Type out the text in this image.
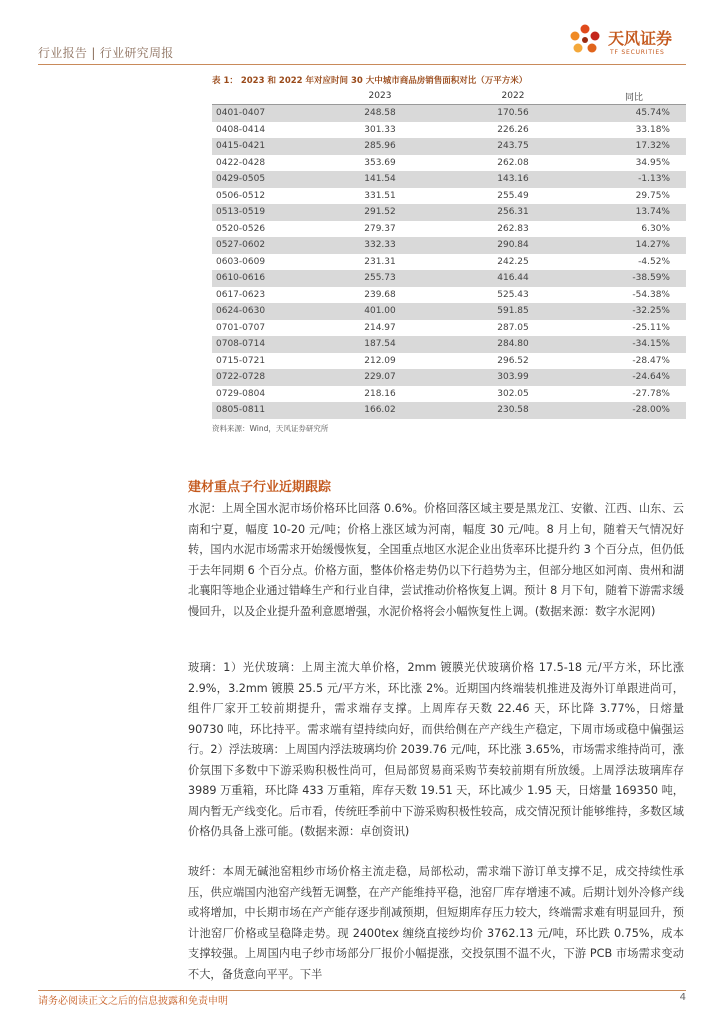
行业报告 | 行业研究周报
天风证券
TF SECURITIES
表 1： 2023 和 2022 年对应时间 30 大中城市商品房销售面积对比（万平方米）
	2023	2022	同比
0401-0407	248.58	170.56	45.74%
0408-0414	301.33	226.26	33.18%
0415-0421	285.96	243.75	17.32%
0422-0428	353.69	262.08	34.95%
0429-0505	141.54	143.16	-1.13%
0506-0512	331.51	255.49	29.75%
0513-0519	291.52	256.31	13.74%
0520-0526	279.37	262.83	6.30%
0527-0602	332.33	290.84	14.27%
0603-0609	231.31	242.25	-4.52%
0610-0616	255.73	416.44	-38.59%
0617-0623	239.68	525.43	-54.38%
0624-0630	401.00	591.85	-32.25%
0701-0707	214.97	287.05	-25.11%
0708-0714	187.54	284.80	-34.15%
0715-0721	212.09	296.52	-28.47%
0722-0728	229.07	303.99	-24.64%
0729-0804	218.16	302.05	-27.78%
0805-0811	166.02	230.58	-28.00%
资料来源：Wind，天风证券研究所
建材重点子行业近期跟踪
水泥：上周全国水泥市场价格环比回落 0.6%。价格回落区域主要是黑龙江、安徽、江西、山东、云南和宁夏，幅度 10-20 元/吨；价格上涨区域为河南，幅度 30 元/吨。8 月上旬，随着天气情况好转，国内水泥市场需求开始缓慢恢复，全国重点地区水泥企业出货率环比提升约 3 个百分点，但仍低于去年同期 6 个百分点。价格方面，整体价格走势仍以下行趋势为主，但部分地区如河南、贵州和湖北襄阳等地企业通过错峰生产和行业自律，尝试推动价格恢复上调。预计 8 月下旬，随着下游需求缓慢回升，以及企业提升盈利意愿增强，水泥价格将会小幅恢复性上调。(数据来源：数字水泥网)
玻璃：1）光伏玻璃：上周主流大单价格，2mm 镀膜光伏玻璃价格 17.5-18 元/平方米，环比涨 2.9%，3.2mm 镀膜 25.5 元/平方米，环比涨 2%。近期国内终端装机推进及海外订单跟进尚可，组件厂家开工较前期提升，需求端存支撑。上周库存天数 22.46 天，环比降 3.77%，日熔量 90730 吨，环比持平。需求端有望持续向好，而供给侧在产产线生产稳定，下周市场或稳中偏强运行。2）浮法玻璃：上周国内浮法玻璃均价 2039.76 元/吨，环比涨 3.65%，市场需求维持尚可，涨价氛围下多数中下游采购积极性尚可，但局部贸易商采购节奏较前期有所放缓。上周浮法玻璃库存 3989 万重箱，环比降 433 万重箱，库存天数 19.51 天，环比减少 1.95 天，日熔量 169350 吨，周内暂无产线变化。后市看，传统旺季前中下游采购积极性较高，成交情况预计能够维持，多数区域价格仍具备上涨可能。(数据来源：卓创资讯)
玻纤：本周无碱池窑粗纱市场价格主流走稳，局部松动，需求端下游订单支撑不足，成交持续性承压，供应端国内池窑产线暂无调整，在产产能维持平稳，池窑厂库存增速不减。后期计划外冷修产线或将增加，中长期市场在产产能存逐步削减预期，但短期库存压力较大，终端需求难有明显回升，预计池窑厂价格或呈稳降走势。现 2400tex 缠绕直接纱均价 3762.13 元/吨，环比跌 0.75%，成本支撑较强。上周国内电子纱市场部分厂报价小幅提涨，交投氛围不温不火，下游 PCB 市场需求变动不大，备货意向平平。下半
请务必阅读正文之后的信息披露和免责申明	4
